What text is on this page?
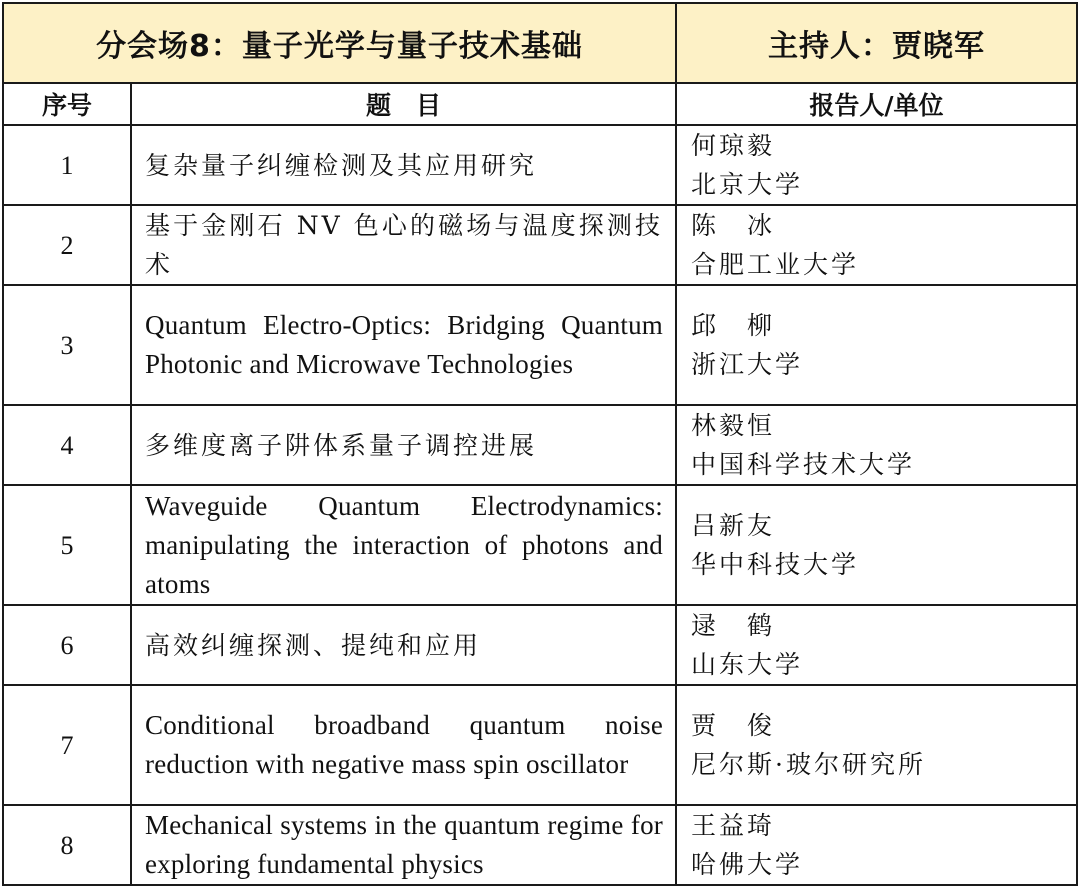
分会场8：量子光学与量子技术基础		主持人：贾晓军
序号	题　目	报告人/单位
1	复杂量子纠缠检测及其应用研究	何琼毅
北京大学

2	基于金刚石 NV 色心的磁场与温度探测技术	陈　冰
合肥工业大学

3	Quantum Electro-Optics: Bridging Quantum Photonic and Microwave Technologies	邱　柳
浙江大学

4	多维度离子阱体系量子调控进展	林毅恒
中国科学技术大学

5	Waveguide Quantum Electrodynamics: manipulating the interaction of photons and atoms	吕新友
华中科技大学

6	高效纠缠探测、提纯和应用	逯　鹤
山东大学

7	Conditional broadband quantum noise reduction with negative mass spin oscillator	贾　俊
尼尔斯·玻尔研究所

8	Mechanical systems in the quantum regime for exploring fundamental physics	王益琦
哈佛大学
